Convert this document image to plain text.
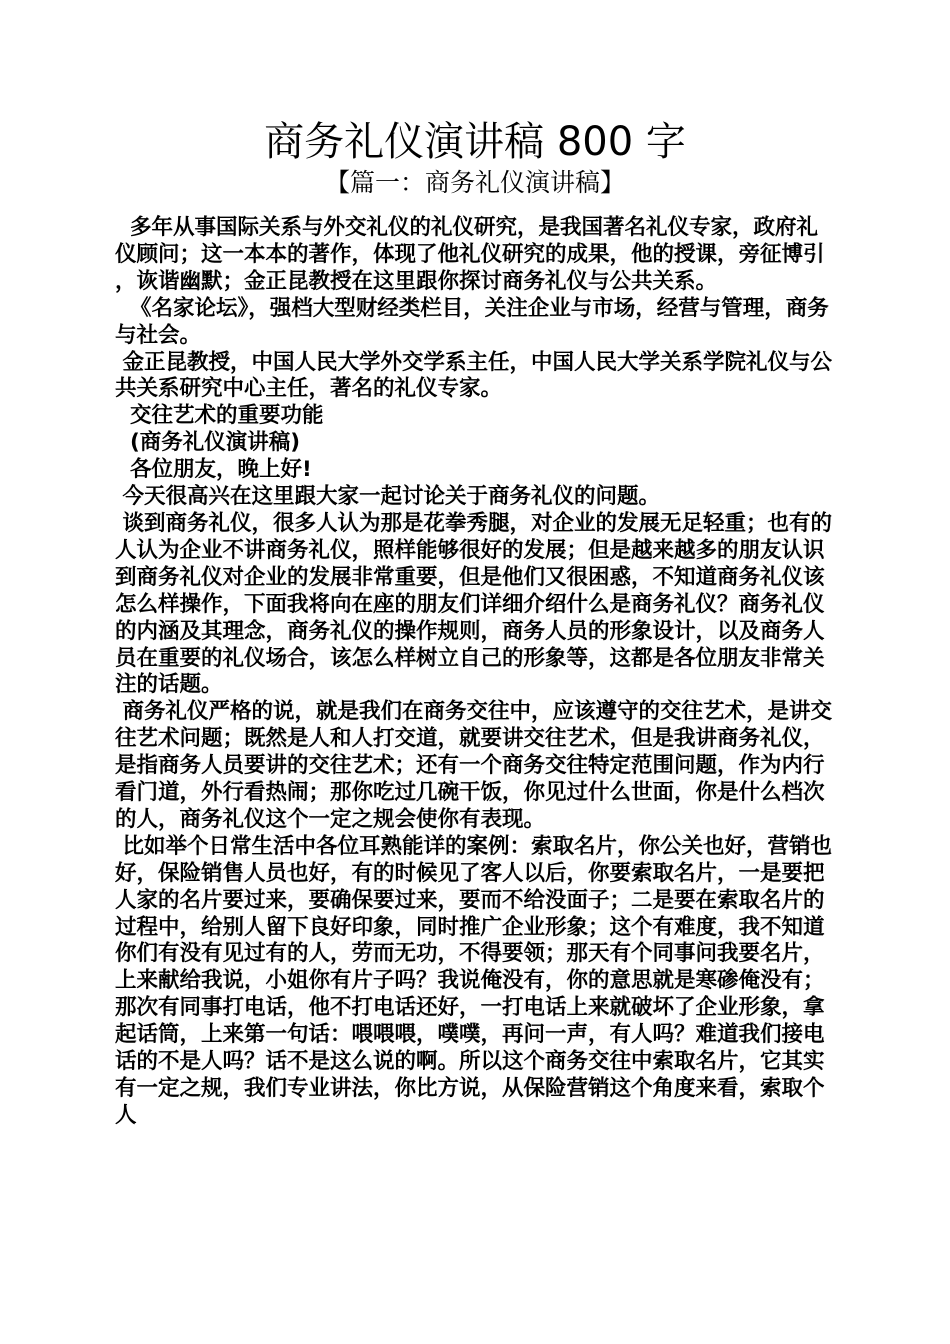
商务礼仪演讲稿 800 字
【篇一：商务礼仪演讲稿】

多年从事国际关系与外交礼仪的礼仪研究，是我国著名礼仪专家，政府礼仪顾问；这一本本的著作，体现了他礼仪研究的成果，他的授课，旁征博引，诙谐幽默；金正昆教授在这里跟你探讨商务礼仪与公共关系。

《名家论坛》，强档大型财经类栏目，关注企业与市场，经营与管理，商务与社会。

金正昆教授，中国人民大学外交学系主任，中国人民大学关系学院礼仪与公共关系研究中心主任，著名的礼仪专家。

交往艺术的重要功能

(商务礼仪演讲稿)

各位朋友，晚上好!

今天很高兴在这里跟大家一起讨论关于商务礼仪的问题。

谈到商务礼仪，很多人认为那是花拳秀腿，对企业的发展无足轻重；也有的人认为企业不讲商务礼仪，照样能够很好的发展；但是越来越多的朋友认识到商务礼仪对企业的发展非常重要，但是他们又很困惑，不知道商务礼仪该怎么样操作，下面我将向在座的朋友们详细介绍什么是商务礼仪？商务礼仪的内涵及其理念，商务礼仪的操作规则，商务人员的形象设计，以及商务人员在重要的礼仪场合，该怎么样树立自己的形象等，这都是各位朋友非常关注的话题。

商务礼仪严格的说，就是我们在商务交往中，应该遵守的交往艺术，是讲交往艺术问题；既然是人和人打交道，就要讲交往艺术，但是我讲商务礼仪，是指商务人员要讲的交往艺术；还有一个商务交往特定范围问题，作为内行看门道，外行看热闹；那你吃过几碗干饭，你见过什么世面，你是什么档次的人，商务礼仪这个一定之规会使你有表现。

比如举个日常生活中各位耳熟能详的案例：索取名片，你公关也好，营销也好，保险销售人员也好，有的时候见了客人以后，你要索取名片，一是要把人家的名片要过来，要确保要过来，要而不给没面子；二是要在索取名片的过程中，给别人留下良好印象，同时推广企业形象；这个有难度，我不知道你们有没有见过有的人，劳而无功，不得要领；那天有个同事问我要名片，上来献给我说，小姐你有片子吗？我说俺没有，你的意思就是寒碜俺没有；那次有同事打电话，他不打电话还好，一打电话上来就破坏了企业形象，拿起话筒，上来第一句话：喂喂喂，噗噗，再问一声，有人吗？难道我们接电话的不是人吗？话不是这么说的啊。所以这个商务交往中索取名片，它其实有一定之规，我们专业讲法，你比方说，从保险营销这个角度来看，索取个人
